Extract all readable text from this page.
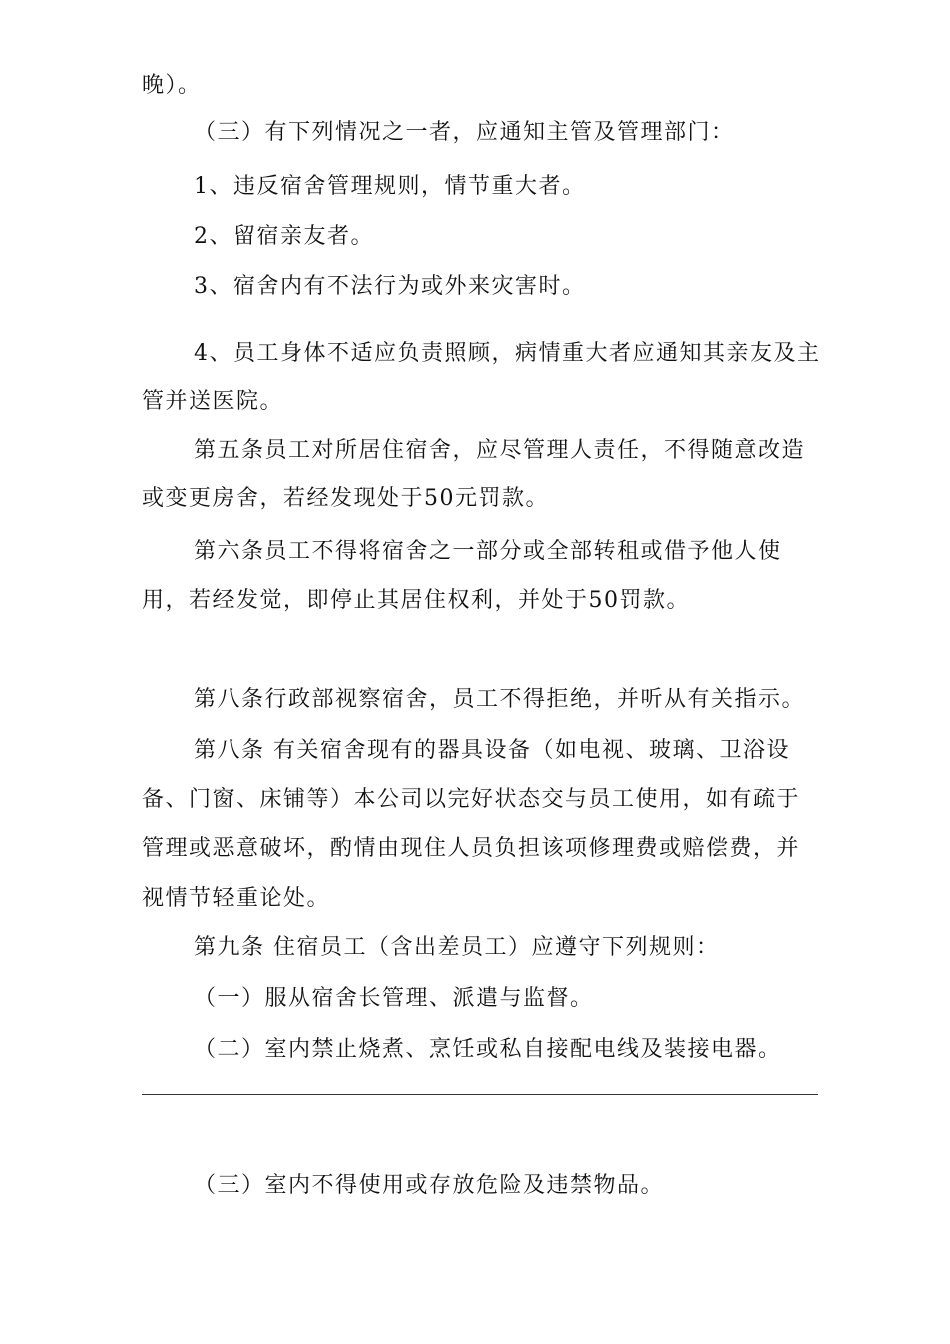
晚）。
（三）有下列情况之一者，应通知主管及管理部门：
1、违反宿舍管理规则，情节重大者。
2、留宿亲友者。
3、宿舍内有不法行为或外来灾害时。
4、员工身体不适应负责照顾，病情重大者应通知其亲友及主
管并送医院。
第五条员工对所居住宿舍，应尽管理人责任，不得随意改造
或变更房舍，若经发现处于50元罚款。
第六条员工不得将宿舍之一部分或全部转租或借予他人使
用，若经发觉，即停止其居住权利，并处于50罚款。
第八条行政部视察宿舍，员工不得拒绝，并听从有关指示。
第八条 有关宿舍现有的器具设备（如电视、玻璃、卫浴设
备、门窗、床铺等）本公司以完好状态交与员工使用，如有疏于
管理或恶意破坏，酌情由现住人员负担该项修理费或赔偿费，并
视情节轻重论处。
第九条 住宿员工（含出差员工）应遵守下列规则：
（一）服从宿舍长管理、派遣与监督。
（二）室内禁止烧煮、烹饪或私自接配电线及装接电器。
（三）室内不得使用或存放危险及违禁物品。
